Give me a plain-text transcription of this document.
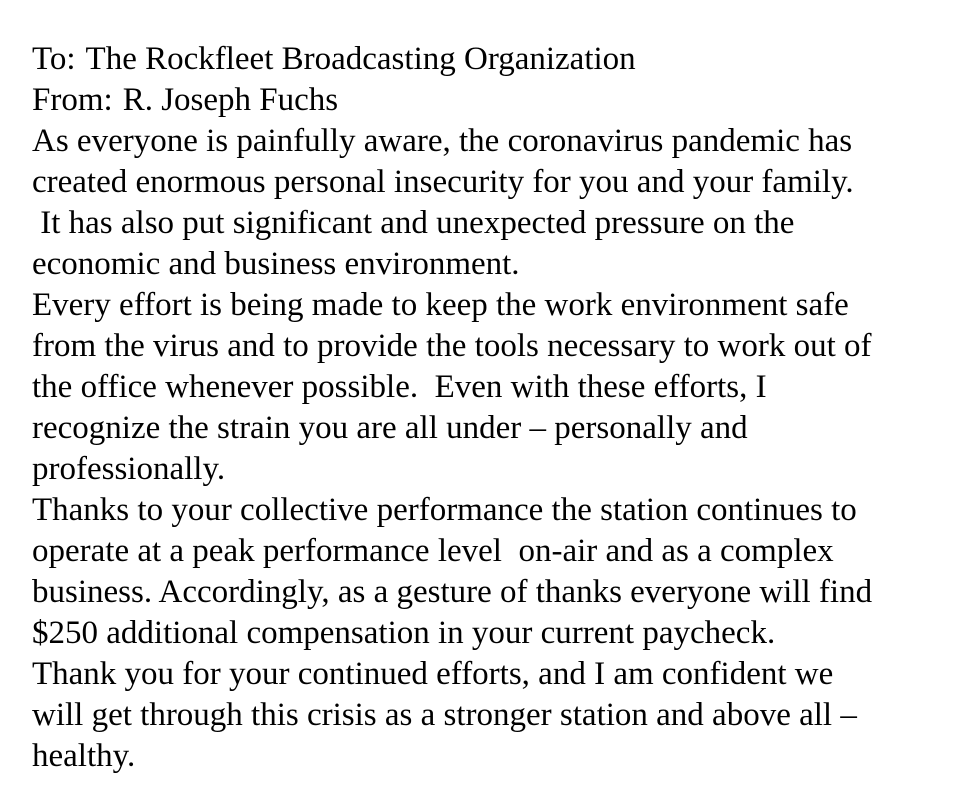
To: The Rockfleet Broadcasting Organization

From: R. Joseph Fuchs

As everyone is painfully aware, the coronavirus pandemic has

created enormous personal insecurity for you and your family.

It has also put significant and unexpected pressure on the

economic and business environment.

Every effort is being made to keep the work environment safe

from the virus and to provide the tools necessary to work out of

the office whenever possible.  Even with these efforts, I

recognize the strain you are all under – personally and

professionally.

Thanks to your collective performance the station continues to

operate at a peak performance level  on-air and as a complex

business. Accordingly, as a gesture of thanks everyone will find

$250 additional compensation in your current paycheck.

Thank you for your continued efforts, and I am confident we

will get through this crisis as a stronger station and above all –

healthy.
